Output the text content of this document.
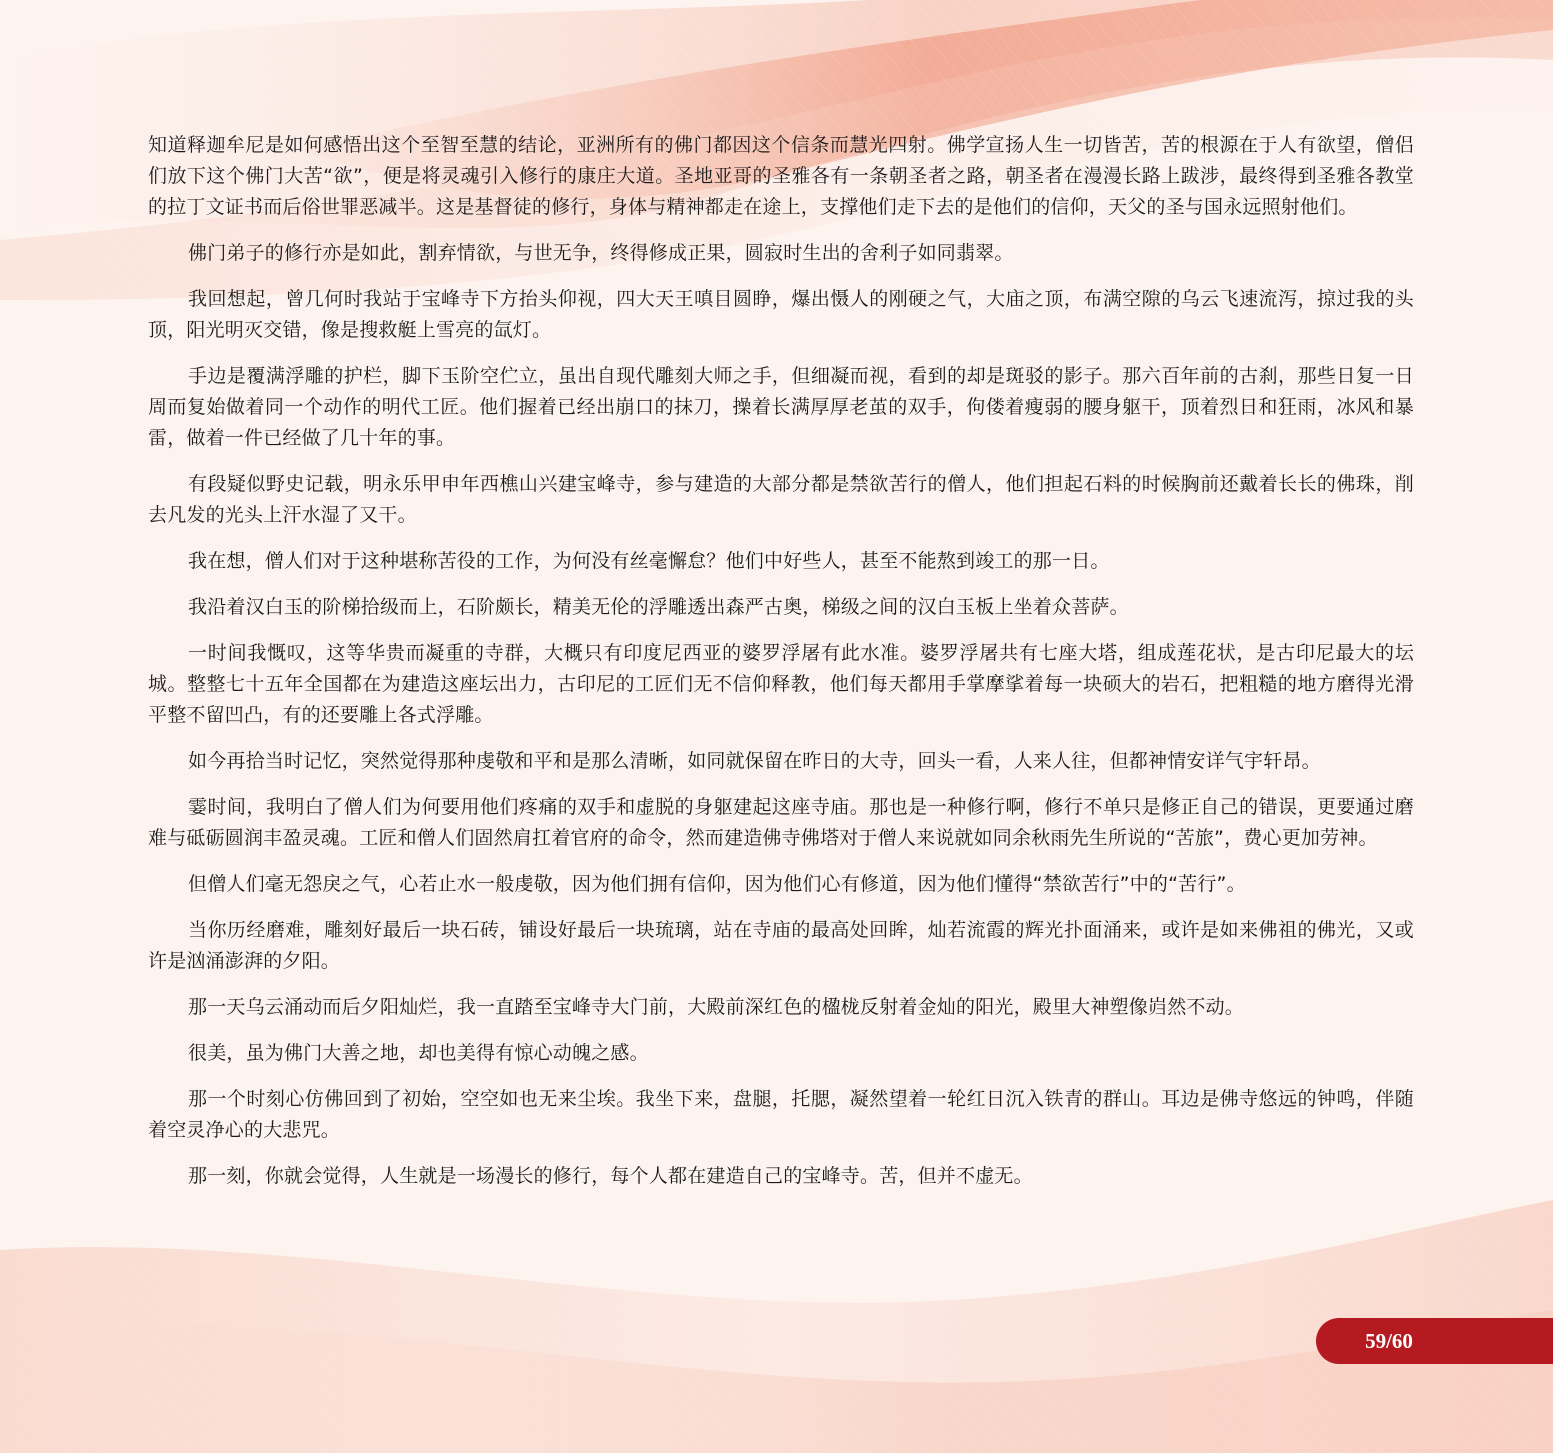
知道释迦牟尼是如何感悟出这个至智至慧的结论，亚洲所有的佛门都因这个信条而慧光四射。佛学宣扬人生一切皆苦，苦的根源在于人有欲望，僧侣们放下这个佛门大苦“欲”，便是将灵魂引入修行的康庄大道。圣地亚哥的圣雅各有一条朝圣者之路，朝圣者在漫漫长路上跋涉，最终得到圣雅各教堂的拉丁文证书而后俗世罪恶减半。这是基督徒的修行，身体与精神都走在途上，支撑他们走下去的是他们的信仰，天父的圣与国永远照射他们。

佛门弟子的修行亦是如此，割弃情欲，与世无争，终得修成正果，圆寂时生出的舍利子如同翡翠。

我回想起，曾几何时我站于宝峰寺下方抬头仰视，四大天王嗔目圆睁，爆出慑人的刚硬之气，大庙之顶，布满空隙的乌云飞速流泻，掠过我的头顶，阳光明灭交错，像是搜救艇上雪亮的氙灯。

手边是覆满浮雕的护栏，脚下玉阶空伫立，虽出自现代雕刻大师之手，但细凝而视，看到的却是斑驳的影子。那六百年前的古刹，那些日复一日周而复始做着同一个动作的明代工匠。他们握着已经出崩口的抹刀，操着长满厚厚老茧的双手，佝偻着瘦弱的腰身躯干，顶着烈日和狂雨，冰风和暴雷，做着一件已经做了几十年的事。

有段疑似野史记载，明永乐甲申年西樵山兴建宝峰寺，参与建造的大部分都是禁欲苦行的僧人，他们担起石料的时候胸前还戴着长长的佛珠，削去凡发的光头上汗水湿了又干。

我在想，僧人们对于这种堪称苦役的工作，为何没有丝毫懈怠？他们中好些人，甚至不能熬到竣工的那一日。

我沿着汉白玉的阶梯拾级而上，石阶颇长，精美无伦的浮雕透出森严古奥，梯级之间的汉白玉板上坐着众菩萨。

一时间我慨叹，这等华贵而凝重的寺群，大概只有印度尼西亚的婆罗浮屠有此水准。婆罗浮屠共有七座大塔，组成莲花状，是古印尼最大的坛城。整整七十五年全国都在为建造这座坛出力，古印尼的工匠们无不信仰释教，他们每天都用手掌摩挲着每一块硕大的岩石，把粗糙的地方磨得光滑平整不留凹凸，有的还要雕上各式浮雕。

如今再拾当时记忆，突然觉得那种虔敬和平和是那么清晰，如同就保留在昨日的大寺，回头一看，人来人往，但都神情安详气宇轩昂。

霎时间，我明白了僧人们为何要用他们疼痛的双手和虚脱的身躯建起这座寺庙。那也是一种修行啊，修行不单只是修正自己的错误，更要通过磨难与砥砺圆润丰盈灵魂。工匠和僧人们固然肩扛着官府的命令，然而建造佛寺佛塔对于僧人来说就如同余秋雨先生所说的“苦旅”，费心更加劳神。

但僧人们毫无怨戾之气，心若止水一般虔敬，因为他们拥有信仰，因为他们心有修道，因为他们懂得“禁欲苦行”中的“苦行”。

当你历经磨难，雕刻好最后一块石砖，铺设好最后一块琉璃，站在寺庙的最高处回眸，灿若流霞的辉光扑面涌来，或许是如来佛祖的佛光，又或许是汹涌澎湃的夕阳。

那一天乌云涌动而后夕阳灿烂，我一直踏至宝峰寺大门前，大殿前深红色的楹栊反射着金灿的阳光，殿里大神塑像岿然不动。

很美，虽为佛门大善之地，却也美得有惊心动魄之感。

那一个时刻心仿佛回到了初始，空空如也无来尘埃。我坐下来，盘腿，托腮，凝然望着一轮红日沉入铁青的群山。耳边是佛寺悠远的钟鸣，伴随着空灵净心的大悲咒。

那一刻，你就会觉得，人生就是一场漫长的修行，每个人都在建造自己的宝峰寺。苦，但并不虚无。

59/60
